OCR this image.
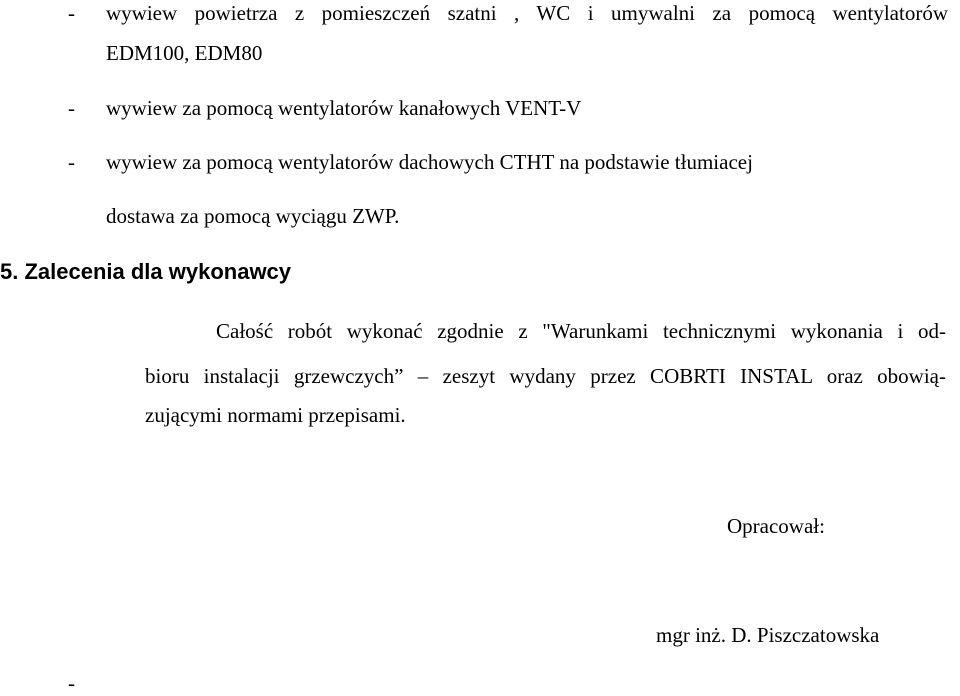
- wywiew powietrza z pomieszczeń szatni , WC i umywalni za pomocą wentylatorów
EDM100, EDM80
- wywiew za pomocą wentylatorów kanałowych VENT-V
- wywiew za pomocą wentylatorów dachowych CTHT na podstawie tłumiacej
dostawa za pomocą wyciągu ZWP.
5. Zalecenia dla wykonawcy
Całość robót wykonać zgodnie z "Warunkami technicznymi wykonania i od-
bioru instalacji grzewczych” – zeszyt wydany przez COBRTI INSTAL oraz obowią-
zującymi normami przepisami.
Opracował:
mgr inż. D. Piszczatowska
-
